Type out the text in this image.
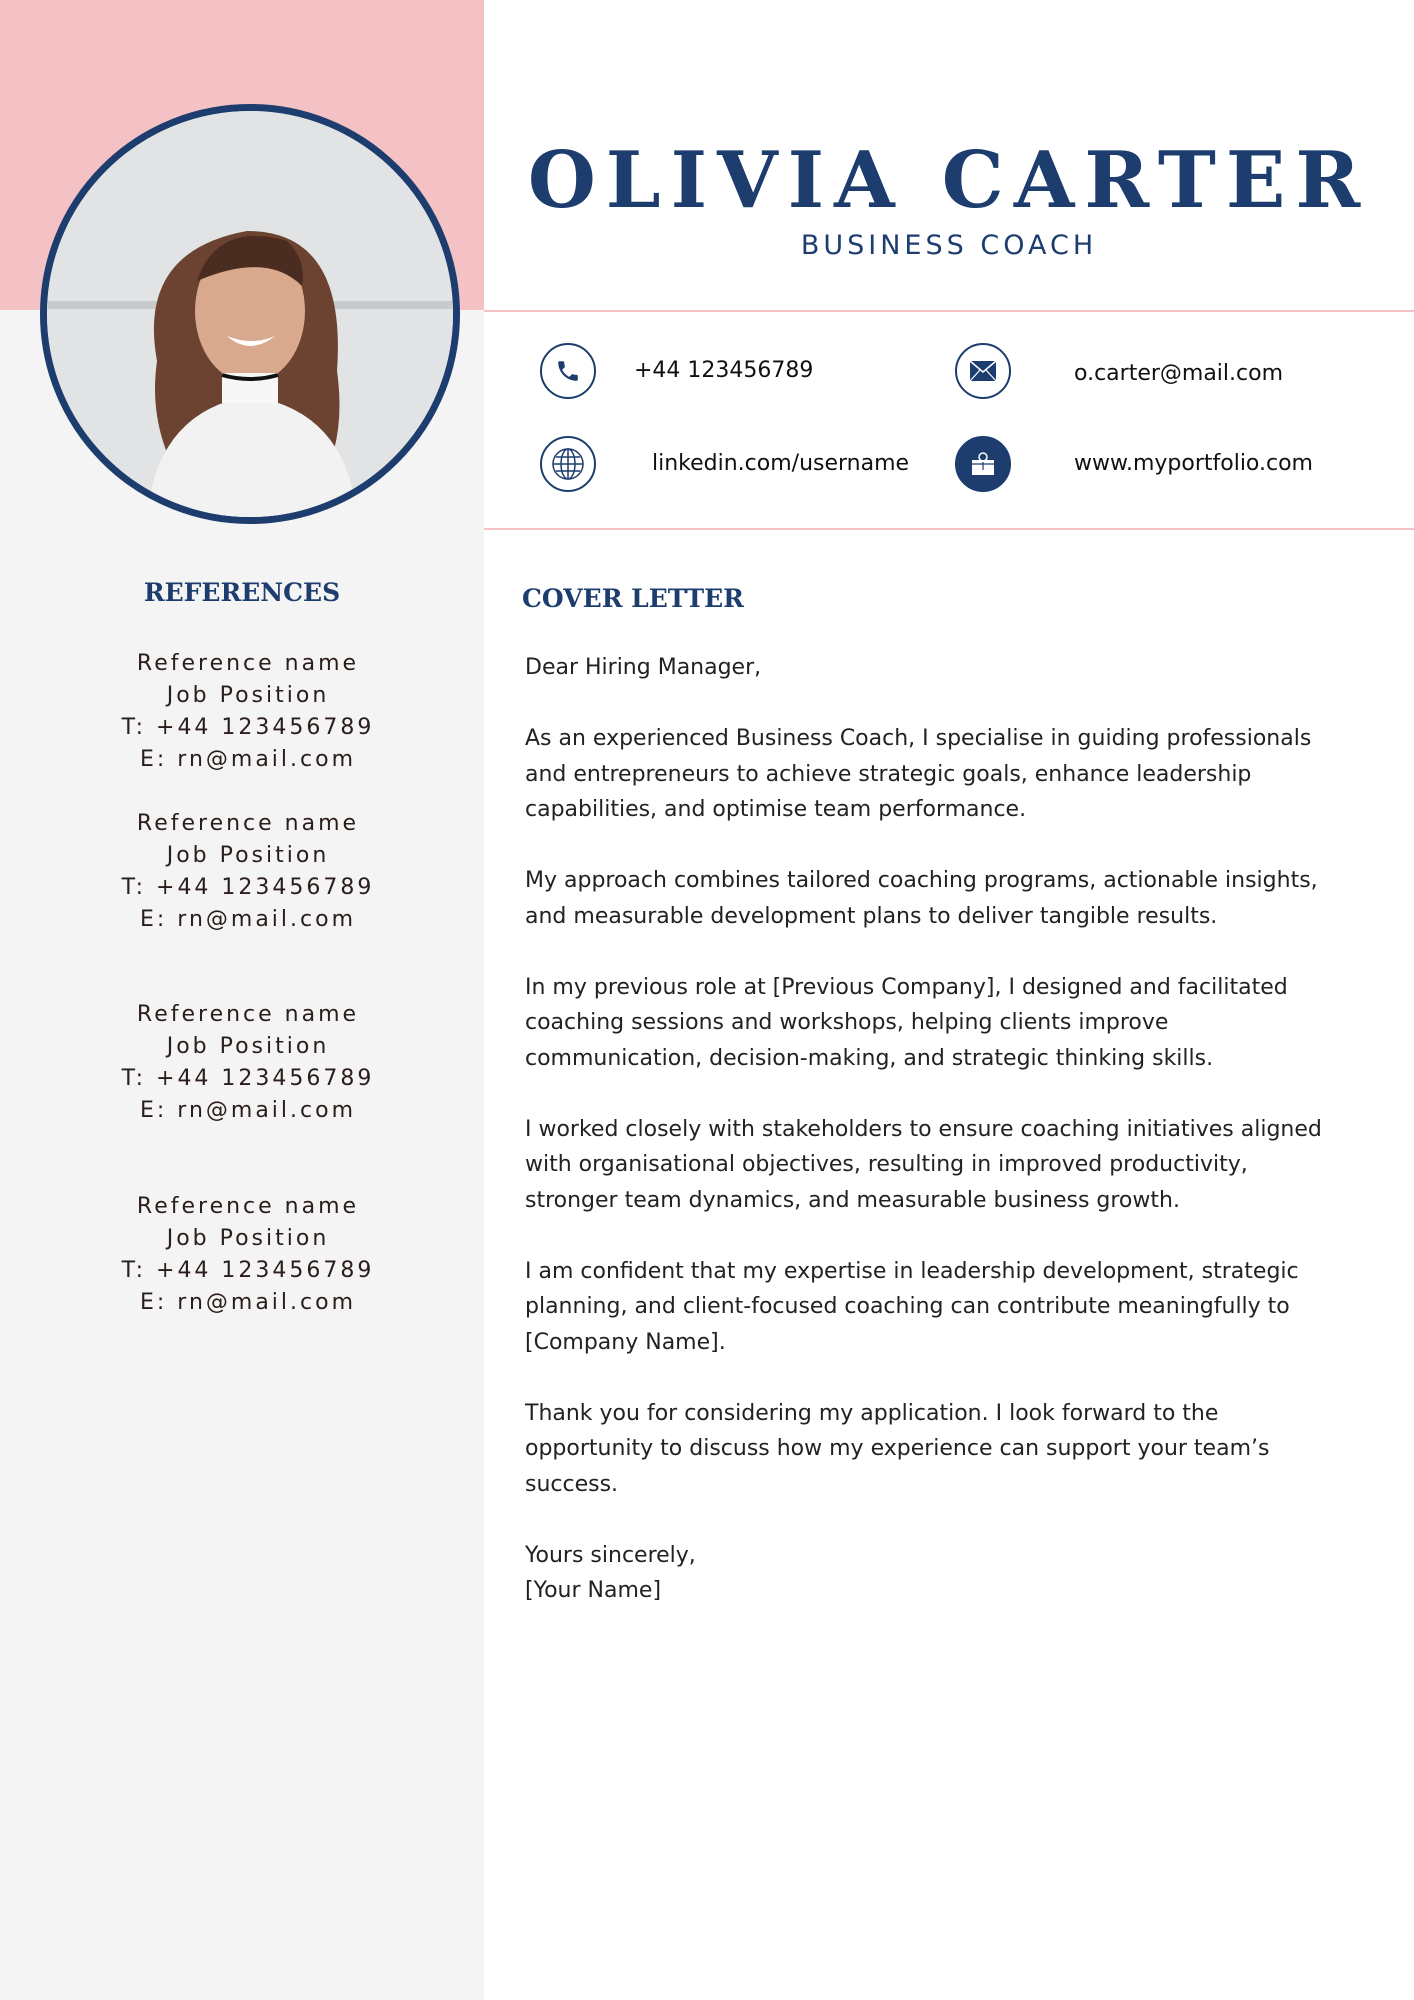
OLIVIA CARTER
BUSINESS COACH
+44 123456789	o.carter@mail.com
linkedin.com/username	www.myportfolio.com
REFERENCES
Reference name
Job Position
T: +44 123456789
E: rn@mail.com
Reference name
Job Position
T: +44 123456789
E: rn@mail.com
Reference name
Job Position
T: +44 123456789
E: rn@mail.com
Reference name
Job Position
T: +44 123456789
E: rn@mail.com
COVER LETTER

Dear Hiring Manager,

As an experienced Business Coach, I specialise in guiding professionals and entrepreneurs to achieve strategic goals, enhance leadership capabilities, and optimise team performance.

My approach combines tailored coaching programs, actionable insights, and measurable development plans to deliver tangible results.

In my previous role at [Previous Company], I designed and facilitated coaching sessions and workshops, helping clients improve communication, decision-making, and strategic thinking skills.

I worked closely with stakeholders to ensure coaching initiatives aligned with organisational objectives, resulting in improved productivity, stronger team dynamics, and measurable business growth.

I am confident that my expertise in leadership development, strategic planning, and client-focused coaching can contribute meaningfully to [Company Name].

Thank you for considering my application. I look forward to the opportunity to discuss how my experience can support your team’s success.

Yours sincerely,
[Your Name]
